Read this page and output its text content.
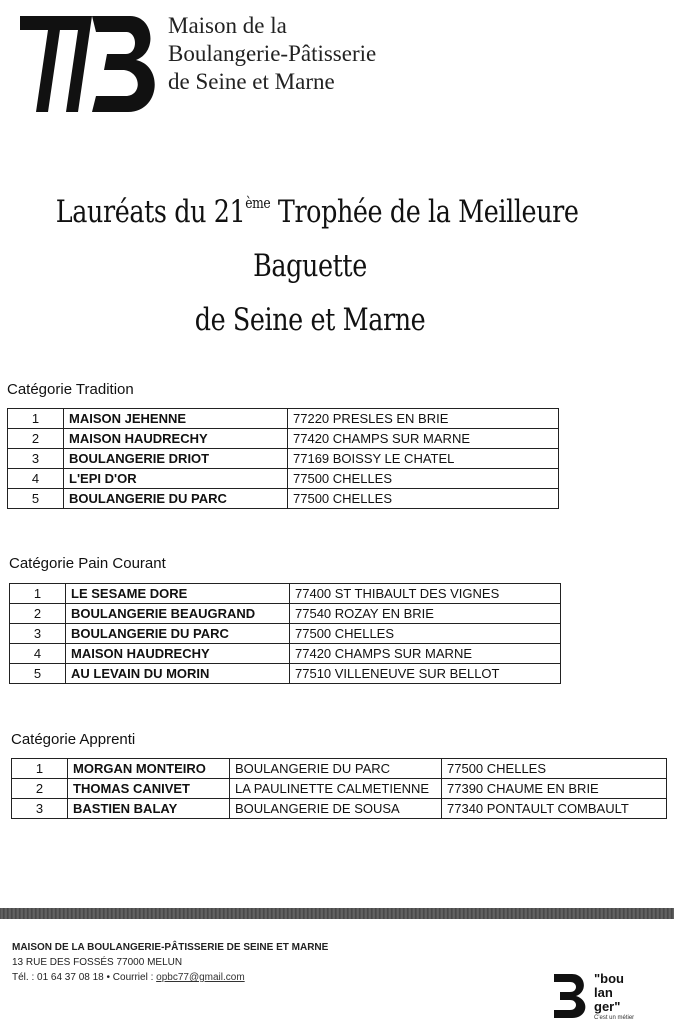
Maison de la
Boulangerie-Pâtisserie
de Seine et Marne
Lauréats du 21ème Trophée de la Meilleure
Baguette
de Seine et Marne
Catégorie Tradition
1	MAISON JEHENNE	77220 PRESLES EN BRIE
2	MAISON HAUDRECHY	77420 CHAMPS SUR MARNE
3	BOULANGERIE DRIOT	77169 BOISSY LE CHATEL
4	L'EPI D'OR	77500 CHELLES
5	BOULANGERIE DU PARC	77500 CHELLES
Catégorie Pain Courant
1	LE SESAME DORE	77400 ST THIBAULT DES VIGNES
2	BOULANGERIE BEAUGRAND	77540 ROZAY EN BRIE
3	BOULANGERIE DU PARC	77500 CHELLES
4	MAISON HAUDRECHY	77420 CHAMPS SUR MARNE
5	AU LEVAIN DU MORIN	77510 VILLENEUVE SUR BELLOT
Catégorie Apprenti
1	MORGAN MONTEIRO	BOULANGERIE DU PARC	77500 CHELLES
2	THOMAS CANIVET	LA PAULINETTE CALMETIENNE	77390 CHAUME EN BRIE
3	BASTIEN BALAY	BOULANGERIE DE SOUSA	77340 PONTAULT COMBAULT
MAISON DE LA BOULANGERIE-PÂTISSERIE DE SEINE ET MARNE
13 RUE DES FOSSÉS 77000 MELUN
Tél. : 01 64 37 08 18 • Courriel : opbc77@gmail.com	"bou
lan
ger"
C'est un métier
